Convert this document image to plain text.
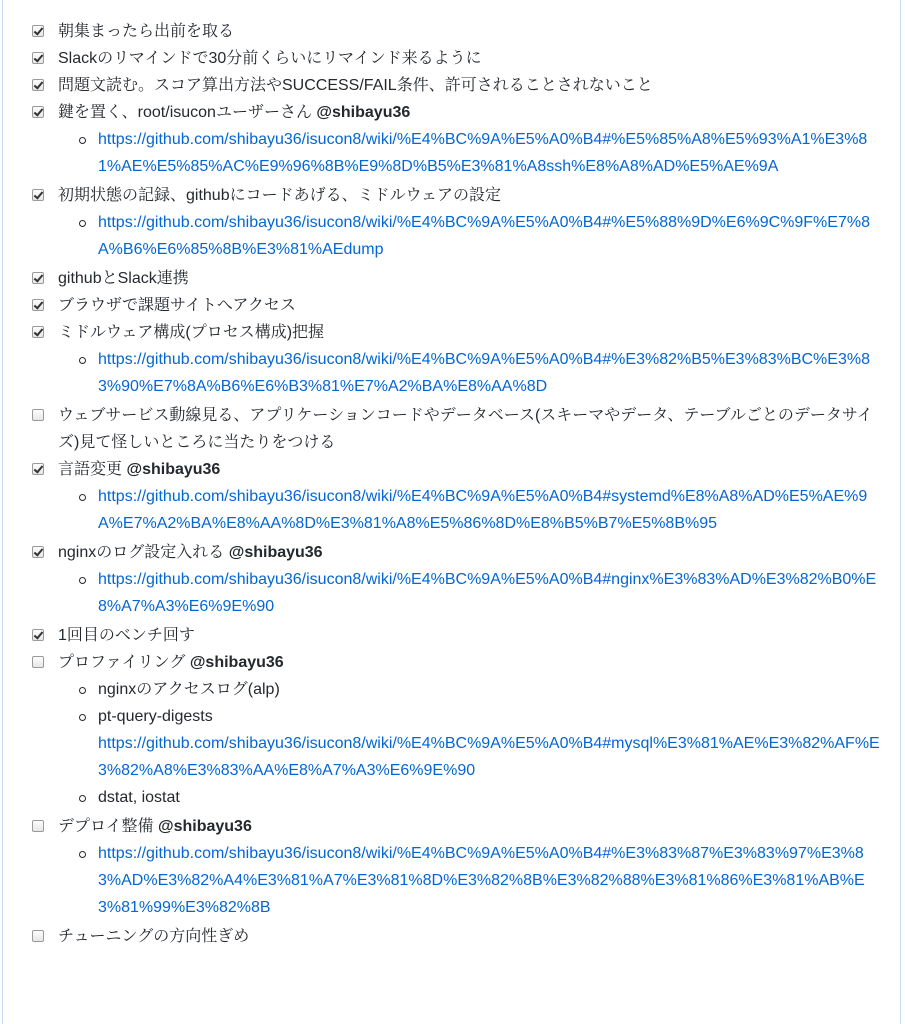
朝集まったら出前を取る
Slackのリマインドで30分前くらいにリマインド来るように
問題文読む。スコア算出方法やSUCCESS/FAIL条件、許可されることされないこと
鍵を置く、root/isuconユーザーさん @shibayu36
https://github.com/shibayu36/isucon8/wiki/%E4%BC%9A%E5%A0%B4#%E5%85%A8%E5%93%A1%E3%81%AE%E5%85%AC%E9%96%8B%E9%8D%B5%E3%81%A8ssh%E8%A8%AD%E5%AE%9A
初期状態の記録、githubにコードあげる、ミドルウェアの設定
https://github.com/shibayu36/isucon8/wiki/%E4%BC%9A%E5%A0%B4#%E5%88%9D%E6%9C%9F%E7%8A%B6%E6%85%8B%E3%81%AEdump
githubとSlack連携
ブラウザで課題サイトへアクセス
ミドルウェア構成(プロセス構成)把握
https://github.com/shibayu36/isucon8/wiki/%E4%BC%9A%E5%A0%B4#%E3%82%B5%E3%83%BC%E3%83%90%E7%8A%B6%E6%B3%81%E7%A2%BA%E8%AA%8D
ウェブサービス動線見る、アプリケーションコードやデータベース(スキーマやデータ、テーブルごとのデータサイズ)見て怪しいところに当たりをつける
言語変更 @shibayu36
https://github.com/shibayu36/isucon8/wiki/%E4%BC%9A%E5%A0%B4#systemd%E8%A8%AD%E5%AE%9A%E7%A2%BA%E8%AA%8D%E3%81%A8%E5%86%8D%E8%B5%B7%E5%8B%95
nginxのログ設定入れる @shibayu36
https://github.com/shibayu36/isucon8/wiki/%E4%BC%9A%E5%A0%B4#nginx%E3%83%AD%E3%82%B0%E8%A7%A3%E6%9E%90
1回目のベンチ回す
プロファイリング @shibayu36
nginxのアクセスログ(alp)
pt-query-digests
https://github.com/shibayu36/isucon8/wiki/%E4%BC%9A%E5%A0%B4#mysql%E3%81%AE%E3%82%AF%E3%82%A8%E3%83%AA%E8%A7%A3%E6%9E%90
dstat, iostat
デプロイ整備 @shibayu36
https://github.com/shibayu36/isucon8/wiki/%E4%BC%9A%E5%A0%B4#%E3%83%87%E3%83%97%E3%83%AD%E3%82%A4%E3%81%A7%E3%81%8D%E3%82%8B%E3%82%88%E3%81%86%E3%81%AB%E3%81%99%E3%82%8B
チューニングの方向性ぎめ
